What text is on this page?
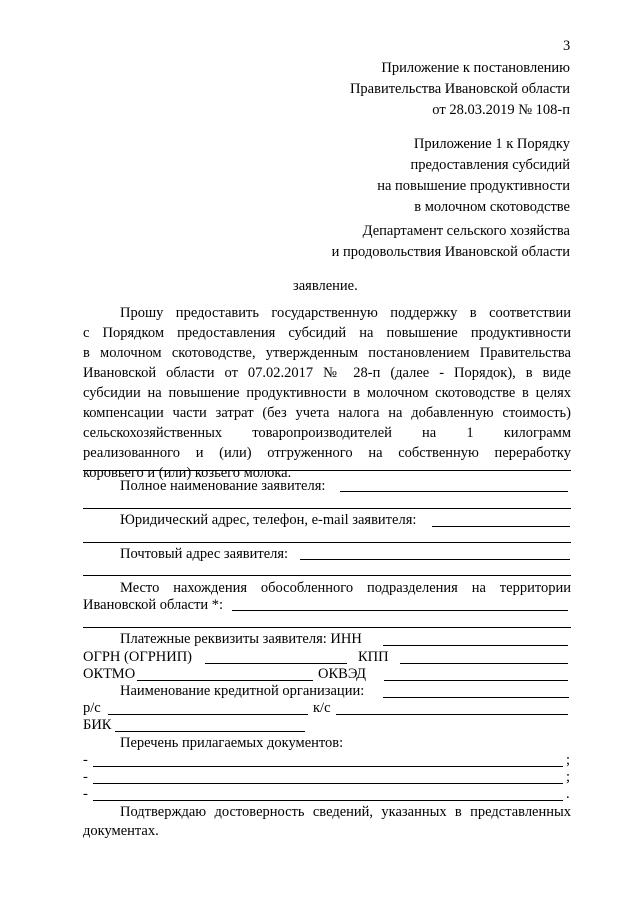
3
Приложение к постановлению
Правительства Ивановской области
от 28.03.2019 № 108-п
Приложение 1 к Порядку
предоставления субсидий
на повышение продуктивности
в молочном скотоводстве
Департамент сельского хозяйства
и продовольствия Ивановской области
заявление.
Прошу предоставить государственную поддержку в соответствии
с Порядком предоставления субсидий на повышение продуктивности
в молочном скотоводстве, утвержденным постановлением Правительства
Ивановской области от 07.02.2017 № 28-п (далее - Порядок), в виде
субсидии на повышение продуктивности в молочном скотоводстве в целях
компенсации части затрат (без учета налога на добавленную стоимость)
сельскохозяйственных товаропроизводителей на 1 килограмм
реализованного и (или) отгруженного на собственную переработку
коровьего и (или) козьего молока.
Полное наименование заявителя:
Юридический адрес, телефон, e-mail заявителя:
Почтовый адрес заявителя:
Место нахождения обособленного подразделения на территории
Ивановской области *:
Платежные реквизиты заявителя: ИНН
ОГРН (ОГРНИП)	КПП
ОКТМО	ОКВЭД
Наименование кредитной организации:
р/с	к/с
БИК
Перечень прилагаемых документов:
-	;
-	;
-	.
Подтверждаю достоверность сведений, указанных в представленных
документах.
